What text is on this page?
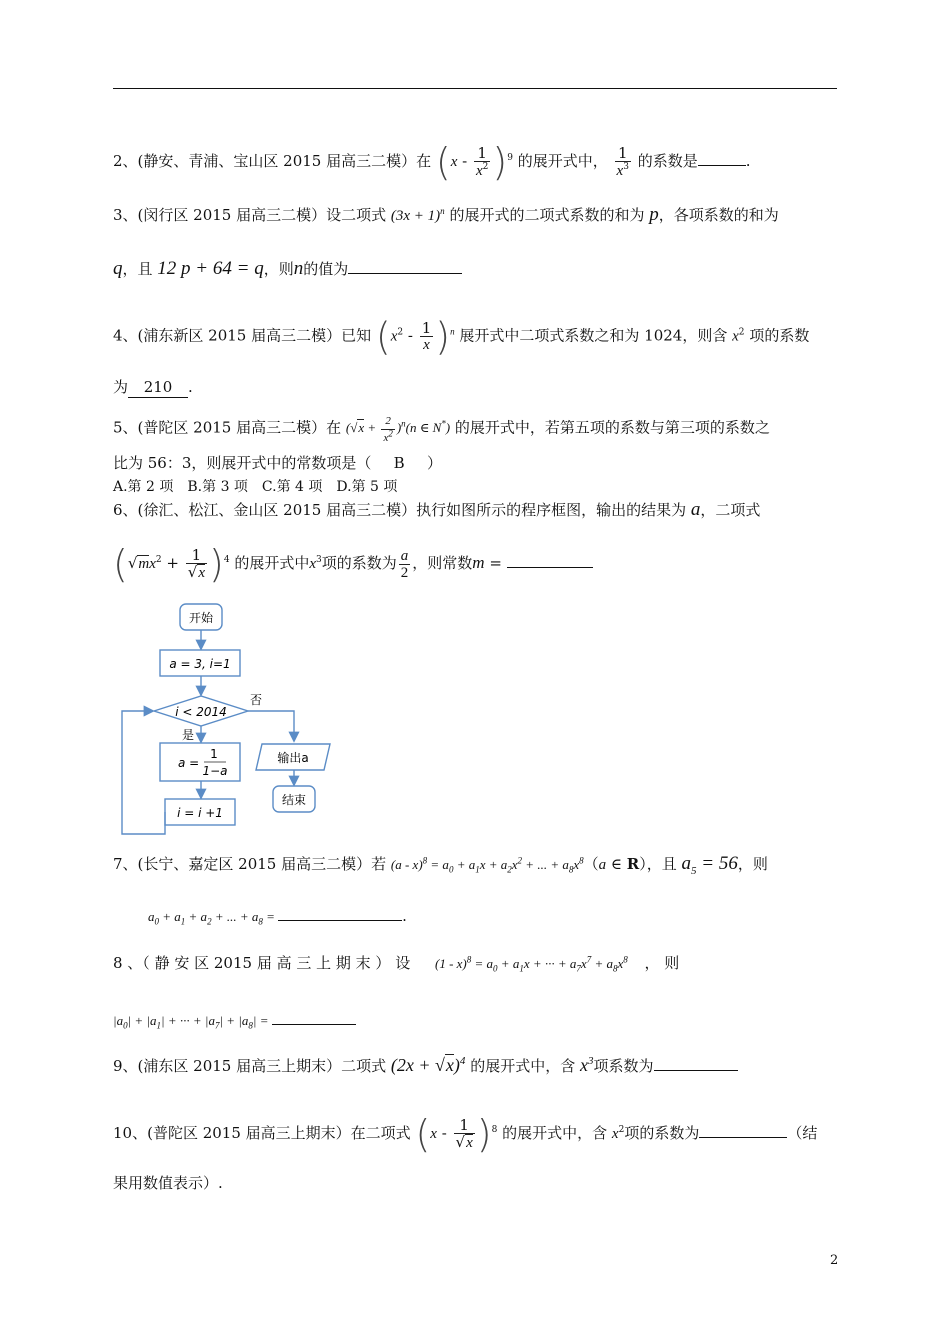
2、(静安、青浦、宝山区 2015 届高三二模）在 $(x - \frac{1}{x^2} )^9$ 的展开式中， $\frac{1}{x^3}$ 的系数是	.
3、(闵行区 2015 届高三二模）设二项式 $(3x + 1)^n$ 的展开式的二项式系数的和为 p，各项系数的和为
q，且 12 p + 64 = q，则n的值为
4、(浦东新区 2015 届高三二模）已知 $(x^2 - \frac{1}{x} )^n$ 展开式中二项式系数之和为 1024，则含 $x^2$ 项的系数
为 210 .
5、(普陀区 2015 届高三二模）在 $(√x + \frac{2}{x^2} )^n(n$ ∈ N*) 的展开式中，若第五项的系数与第三项的系数之
比为 56：3，则展开式中的常数项是（ B ）
A.第 2 项 B.第 3 项 C.第 4 项 D.第 5 项
6、(徐汇、松江、金山区 2015 届高三二模）执行如图所示的程序框图，输出的结果为 a，二项式
$(√mx^2 + \frac{1}{√x} )^4$ 的展开式中$x^3$项的系数为 $\frac{a}{2}$ ，则常数m =
开始
a = 3, i=1
i < 2014
否
是
a =
1
1−a
i = i +1
输出a
结束
7、(长宁、嘉定区 2015 届高三二模）若 $(a - x)^8 = a_0 + a_1x + a_2x^2$ + ... + $a_8x^8(a$ ∈ R），且 $a_5 = 56$，则
$a_0 + a_1 + a_2$ + ... + $a_8$ =	.
8 、（ 静 安 区 2015 届 高 三 上 期 末 ） 设 $(1 - x)^8 = a_0 + a_1x$ + ··· + $a_7x^7 + a_8x^8$ ， 则
$|a_0| + |a_1|$ + ··· + $|a_7| + |a_8|$ =
9、(浦东区 2015 届高三上期末）二项式 $(2x + √x)^4$ 的展开式中，含 $x^3$项系数为
10、(普陀区 2015 届高三上期末）在二项式 $(x - \frac{1}{√x} )^8$ 的展开式中，含 $x^2$项的系数为	（结
果用数值表示）.
2
